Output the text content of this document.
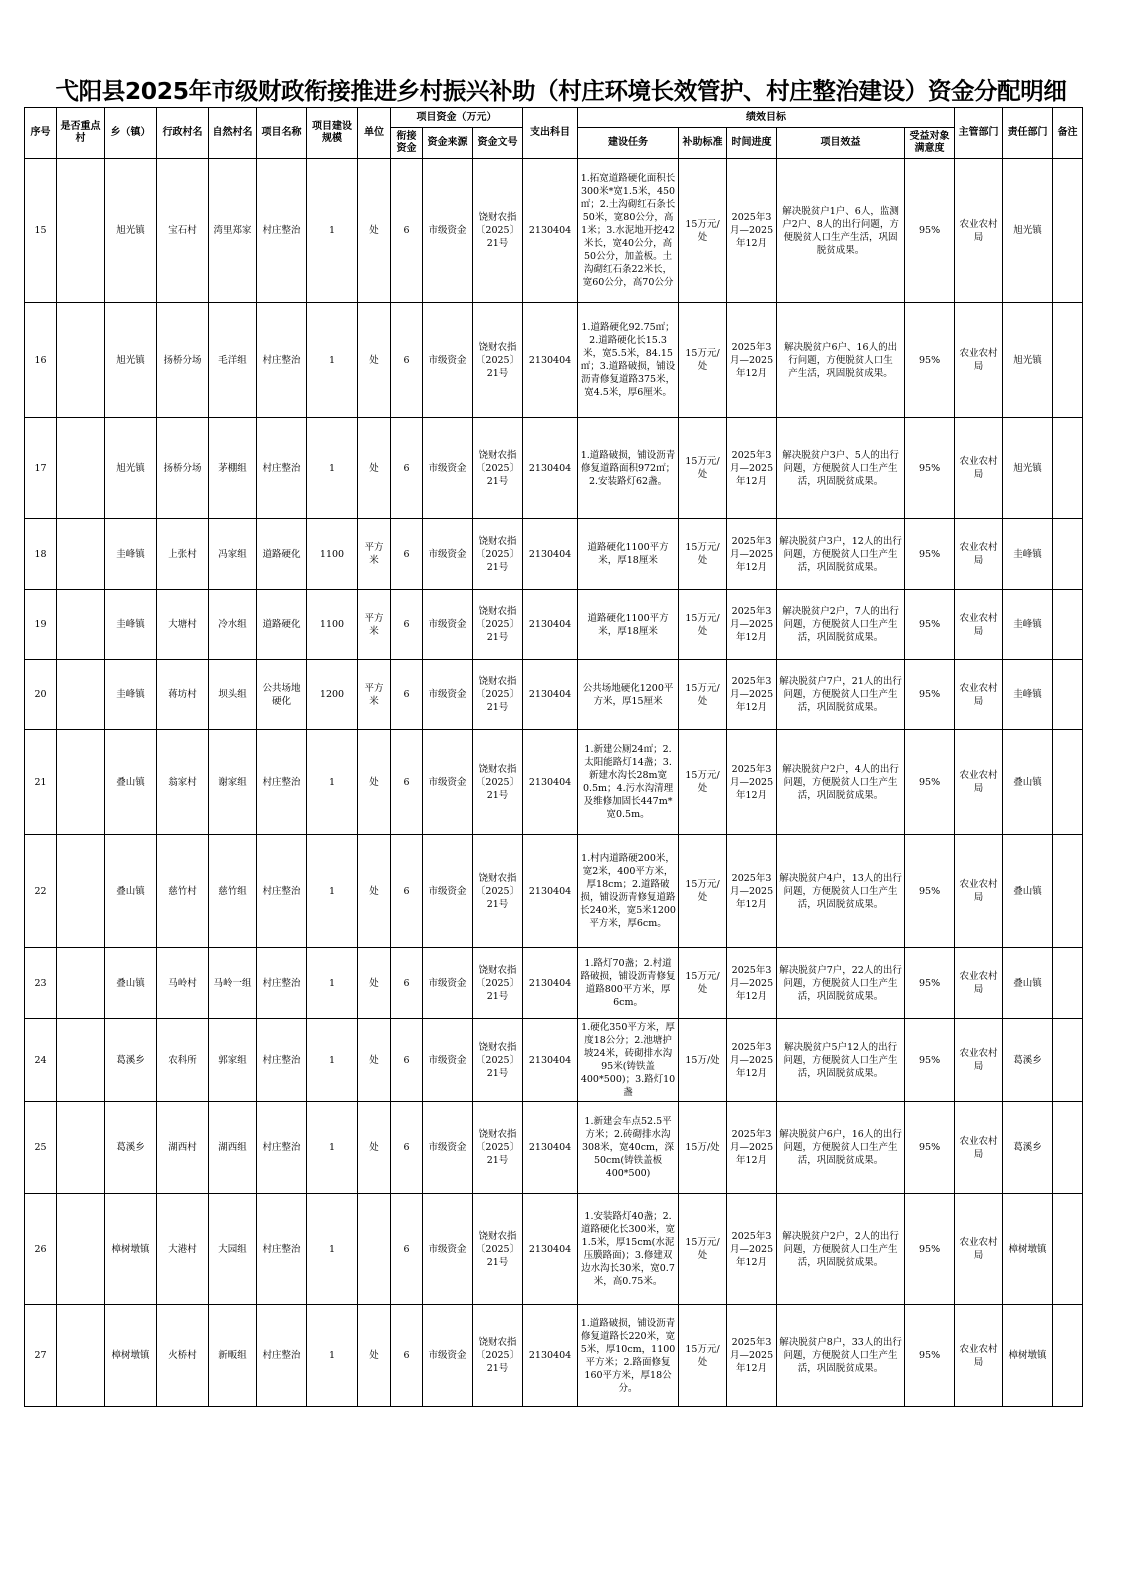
弋阳县2025年市级财政衔接推进乡村振兴补助（村庄环境长效管护、村庄整治建设）资金分配明细
序号	是否重点村	乡（镇）	行政村名	自然村名	项目名称	项目建设规模	单位	项目资金（万元）			支出科目	绩效目标					主管部门	责任部门	备注
								衔接资金	资金来源	资金文号		建设任务	补助标准	时间进度	项目效益	受益对象满意度			
15		旭光镇	宝石村	湾里郑家	村庄整治	1	处	6	市级资金	饶财农指
〔2025〕
21号	2130404	1.拓宽道路硬化面积长300米*宽1.5米，450㎡；2.土沟砌红石条长50米，宽80公分，高1米；3.水泥地开挖42米长，宽40公分，高50公分，加盖板。土沟砌红石条22米长，宽60公分，高70公分	15万元/处	2025年3月—2025年12月	解决脱贫户1户、6人，监测
户2户、8人的出行问题，方
便脱贫人口生产生活，巩固
脱贫成果。	95%	农业农村局	旭光镇	
16		旭光镇	扬桥分场	毛洋组	村庄整治	1	处	6	市级资金	饶财农指
〔2025〕
21号	2130404	1.道路硬化92.75㎡；2.道路硬化长15.3米，宽5.5米，84.15㎡；3.道路破损，铺设沥青修复道路375米，宽4.5米，厚6厘米。	15万元/处	2025年3月—2025年12月	解决脱贫户6户、16人的出
行问题，方便脱贫人口生
产生活，巩固脱贫成果。	95%	农业农村局	旭光镇	
17		旭光镇	扬桥分场	茅棚组	村庄整治	1	处	6	市级资金	饶财农指
〔2025〕
21号	2130404	1.道路破损，铺设沥青修复道路面积972㎡；2.安装路灯62盏。	15万元/处	2025年3月—2025年12月	解决脱贫户3户、5人的出行
问题，方便脱贫人口生产生
活，巩固脱贫成果。	95%	农业农村局	旭光镇	
18		圭峰镇	上张村	冯家组	道路硬化	1100	平方米	6	市级资金	饶财农指
〔2025〕
21号	2130404	道路硬化1100平方米，厚18厘米	15万元/处	2025年3月—2025年12月	解决脱贫户3户，12人的出行
问题，方便脱贫人口生产生
活，巩固脱贫成果。	95%	农业农村局	圭峰镇	
19		圭峰镇	大塘村	冷水组	道路硬化	1100	平方米	6	市级资金	饶财农指
〔2025〕
21号	2130404	道路硬化1100平方米，厚18厘米	15万元/处	2025年3月—2025年12月	解决脱贫户2户，7人的出行
问题，方便脱贫人口生产生
活，巩固脱贫成果。	95%	农业农村局	圭峰镇	
20		圭峰镇	蒋坊村	坝头组	公共场地硬化	1200	平方米	6	市级资金	饶财农指
〔2025〕
21号	2130404	公共场地硬化1200平方米，厚15厘米	15万元/处	2025年3月—2025年12月	解决脱贫户7户，21人的出行
问题，方便脱贫人口生产生
活，巩固脱贫成果。	95%	农业农村局	圭峰镇	
21		叠山镇	翁家村	谢家组	村庄整治	1	处	6	市级资金	饶财农指
〔2025〕
21号	2130404	1.新建公厕24㎡；2.太阳能路灯14盏；3.新建水沟长28m宽0.5m；4.污水沟清理及维修加固长447m*宽0.5m。	15万元/处	2025年3月—2025年12月	解决脱贫户2户，4人的出行
问题，方便脱贫人口生产生
活，巩固脱贫成果。	95%	农业农村局	叠山镇	
22		叠山镇	慈竹村	慈竹组	村庄整治	1	处	6	市级资金	饶财农指
〔2025〕
21号	2130404	1.村内道路硬200米，宽2米，400平方米，厚18cm；2.道路破损，铺设沥青修复道路长240米，宽5米1200平方米，厚6cm。	15万元/处	2025年3月—2025年12月	解决脱贫户4户，13人的出行
问题，方便脱贫人口生产生
活，巩固脱贫成果。	95%	农业农村局	叠山镇	
23		叠山镇	马岭村	马岭一组	村庄整治	1	处	6	市级资金	饶财农指
〔2025〕
21号	2130404	1.路灯70盏；2.村道路破损，铺设沥青修复道路800平方米，厚6cm。	15万元/处	2025年3月—2025年12月	解决脱贫户7户，22人的出行
问题，方便脱贫人口生产生
活，巩固脱贫成果。	95%	农业农村局	叠山镇	
24		葛溪乡	农科所	郭家组	村庄整治	1	处	6	市级资金	饶财农指
〔2025〕
21号	2130404	1.硬化350平方米，厚度18公分；2.池塘护坡24米，砖砌排水沟95米(铸铁盖400*500)；3.路灯10盏	15万/处	2025年3月—2025年12月	解决脱贫户5户12人的出行
问题，方便脱贫人口生产生
活，巩固脱贫成果。	95%	农业农村局	葛溪乡	
25		葛溪乡	湖西村	湖西组	村庄整治	1	处	6	市级资金	饶财农指
〔2025〕
21号	2130404	1.新建会车点52.5平方米；2.砖砌排水沟308米，宽40cm，深50cm(铸铁盖板400*500)	15万/处	2025年3月—2025年12月	解决脱贫户6户，16人的出行
问题，方便脱贫人口生产生
活，巩固脱贫成果。	95%	农业农村局	葛溪乡	
26		樟树墩镇	大港村	大园组	村庄整治	1		6	市级资金	饶财农指
〔2025〕
21号	2130404	1.安装路灯40盏；2.道路硬化长300米，宽1.5米，厚15cm(水泥压膜路面)；3.修建双边水沟长30米，宽0.7米，高0.75米。	15万元/处	2025年3月—2025年12月	解决脱贫户2户，2人的出行
问题，方便脱贫人口生产生
活，巩固脱贫成果。	95%	农业农村局	樟树墩镇	
27		樟树墩镇	火桥村	新畈组	村庄整治	1	处	6	市级资金	饶财农指
〔2025〕
21号	2130404	1.道路破损，铺设沥青修复道路长220米，宽5米，厚10cm，1100平方米；2.路面修复160平方米，厚18公分。	15万元/处	2025年3月—2025年12月	解决脱贫户8户，33人的出行
问题，方便脱贫人口生产生
活，巩固脱贫成果。	95%	农业农村局	樟树墩镇	
